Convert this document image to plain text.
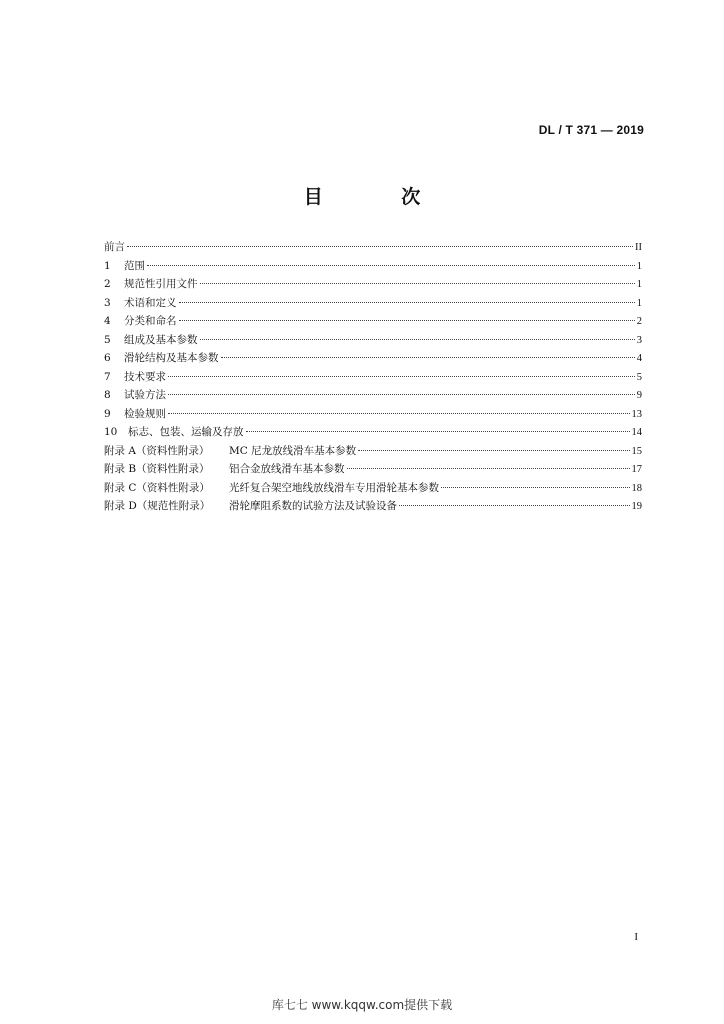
DL / T 371 — 2019
目 次
前言	II
1 范围	1
2 规范性引用文件	1
3 术语和定义	1
4 分类和命名	2
5 组成及基本参数	3
6 滑轮结构及基本参数	4
7 技术要求	5
8 试验方法	9
9 检验规则	13
10 标志、包装、运输及存放	14
附录 A（资料性附录） MC 尼龙放线滑车基本参数	15
附录 B（资料性附录） 铝合金放线滑车基本参数	17
附录 C（资料性附录） 光纤复合架空地线放线滑车专用滑轮基本参数	18
附录 D（规范性附录） 滑轮摩阻系数的试验方法及试验设备	19
I
库七七 www.kqqw.com提供下载
